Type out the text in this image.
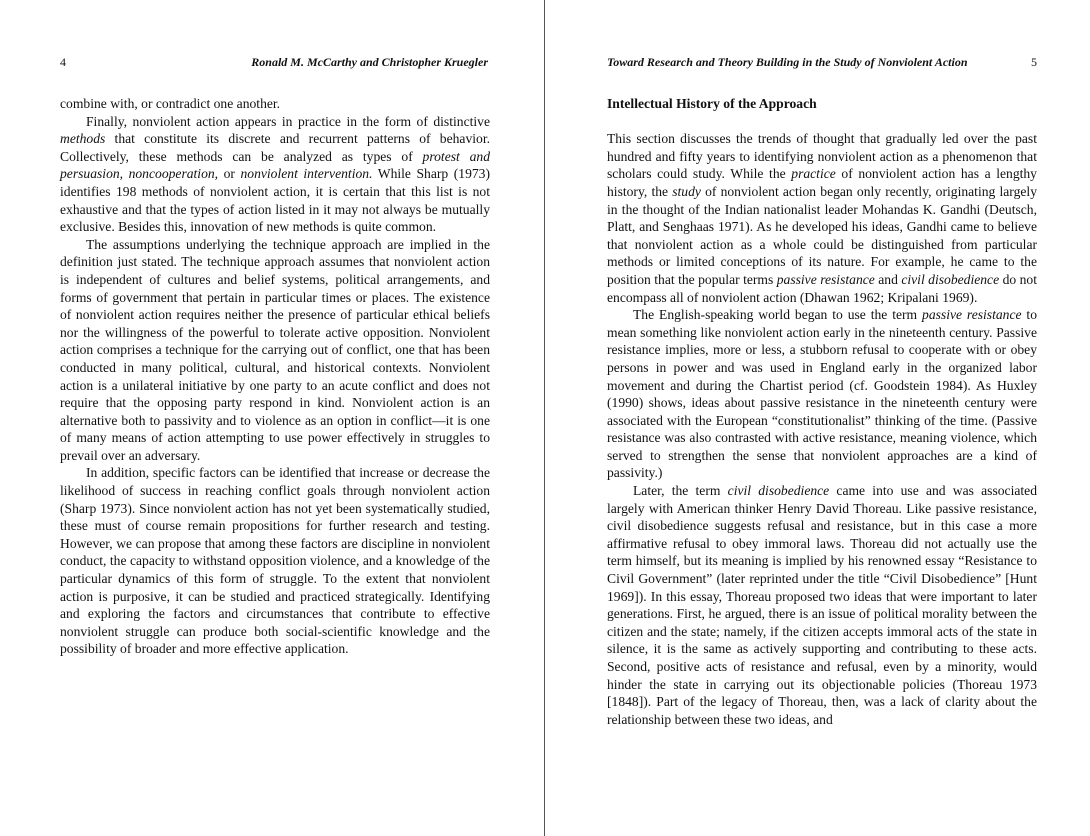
4	Ronald M. McCarthy and Christopher Kruegler

combine with, or contradict one another.

Finally, nonviolent action appears in practice in the form of distinctive methods that constitute its discrete and recurrent patterns of behavior. Collectively, these methods can be analyzed as types of protest and persuasion, noncooperation, or nonviolent intervention. While Sharp (1973) identifies 198 methods of nonviolent action, it is certain that this list is not exhaustive and that the types of action listed in it may not always be mutually exclusive. Besides this, innovation of new methods is quite common.

The assumptions underlying the technique approach are implied in the definition just stated. The technique approach assumes that nonviolent action is independent of cultures and belief systems, political arrangements, and forms of government that pertain in particular times or places. The existence of nonviolent action requires neither the presence of particular ethical beliefs nor the willingness of the powerful to tolerate active opposition. Nonviolent action comprises a technique for the carrying out of conflict, one that has been conducted in many political, cultural, and historical contexts. Nonviolent action is a unilateral initiative by one party to an acute conflict and does not require that the opposing party respond in kind. Nonviolent action is an alternative both to passivity and to violence as an option in conflict—it is one of many means of action attempting to use power effectively in struggles to prevail over an adversary.

In addition, specific factors can be identified that increase or decrease the likelihood of success in reaching conflict goals through nonviolent action (Sharp 1973). Since nonviolent action has not yet been systematically studied, these must of course remain propositions for further research and testing. However, we can propose that among these factors are discipline in nonviolent conduct, the capacity to withstand opposition violence, and a knowledge of the particular dynamics of this form of struggle. To the extent that nonviolent action is purposive, it can be studied and practiced strategically. Identifying and exploring the factors and circumstances that contribute to effective nonviolent struggle can produce both social-scientific knowledge and the possibility of broader and more effective application.

Toward Research and Theory Building in the Study of Nonviolent Action	5
Intellectual History of the Approach

This section discusses the trends of thought that gradually led over the past hundred and fifty years to identifying nonviolent action as a phenomenon that scholars could study. While the practice of nonviolent action has a lengthy history, the study of nonviolent action began only recently, originating largely in the thought of the Indian nationalist leader Mohandas K. Gandhi (Deutsch, Platt, and Senghaas 1971). As he developed his ideas, Gandhi came to believe that nonviolent action as a whole could be distinguished from particular methods or limited conceptions of its nature. For example, he came to the position that the popular terms passive resistance and civil disobedience do not encompass all of nonviolent action (Dhawan 1962; Kripalani 1969).

The English-speaking world began to use the term passive resistance to mean something like nonviolent action early in the nineteenth century. Passive resistance implies, more or less, a stubborn refusal to cooperate with or obey persons in power and was used in England early in the organized labor movement and during the Chartist period (cf. Goodstein 1984). As Huxley (1990) shows, ideas about passive resistance in the nineteenth century were associated with the European “constitutionalist” thinking of the time. (Passive resistance was also contrasted with active resistance, meaning violence, which served to strengthen the sense that nonviolent approaches are a kind of passivity.)

Later, the term civil disobedience came into use and was associated largely with American thinker Henry David Thoreau. Like passive resistance, civil disobedience suggests refusal and resistance, but in this case a more affirmative refusal to obey immoral laws. Thoreau did not actually use the term himself, but its meaning is implied by his renowned essay “Resistance to Civil Government” (later reprinted under the title “Civil Disobedience” [Hunt 1969]). In this essay, Thoreau proposed two ideas that were important to later generations. First, he argued, there is an issue of political morality between the citizen and the state; namely, if the citizen accepts immoral acts of the state in silence, it is the same as actively supporting and contributing to these acts. Second, positive acts of resistance and refusal, even by a minority, would hinder the state in carrying out its objectionable policies (Thoreau 1973 [1848]). Part of the legacy of Thoreau, then, was a lack of clarity about the relationship between these two ideas, and
